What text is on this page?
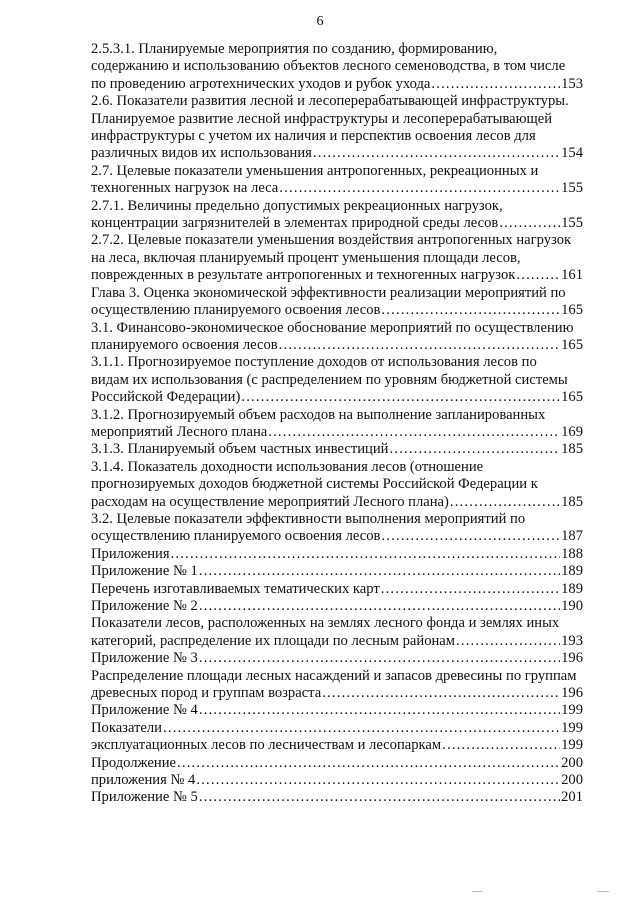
6
2.5.3.1. Планируемые мероприятия по созданию, формированию,
содержанию и использованию объектов лесного семеноводства, в том числе
по проведению агротехнических уходов и рубок ухода .....	153
2.6. Показатели развития лесной и лесоперерабатывающей инфраструктуры.
Планируемое развитие лесной инфраструктуры и лесоперерабатывающей
инфраструктуры с учетом их наличия и перспектив освоения лесов для
различных видов их использования .....	154
2.7. Целевые показатели уменьшения антропогенных, рекреационных и
техногенных нагрузок на леса .....	155
2.7.1. Величины предельно допустимых рекреационных нагрузок,
концентрации загрязнителей в элементах природной среды лесов .....	155
2.7.2. Целевые показатели уменьшения воздействия антропогенных нагрузок
на леса, включая планируемый процент уменьшения площади лесов,
поврежденных в результате антропогенных и техногенных нагрузок .....	161
Глава 3. Оценка экономической эффективности реализации мероприятий по
осуществлению планируемого освоения лесов .....	165
3.1. Финансово-экономическое обоснование мероприятий по осуществлению
планируемого освоения лесов .....	165
3.1.1. Прогнозируемое поступление доходов от использования лесов по
видам их использования (с распределением по уровням бюджетной системы
Российской Федерации) .....	165
3.1.2. Прогнозируемый объем расходов на выполнение запланированных
мероприятий Лесного плана .....	169
3.1.3. Планируемый объем частных инвестиций .....	185
3.1.4. Показатель доходности использования лесов (отношение
прогнозируемых доходов бюджетной системы Российской Федерации к
расходам на осуществление мероприятий Лесного плана) .....	185
3.2. Целевые показатели эффективности выполнения мероприятий по
осуществлению планируемого освоения лесов .....	187
Приложения .....	188
Приложение № 1 .....	189
Перечень изготавливаемых тематических карт .....	189
Приложение № 2 .....	190
Показатели лесов, расположенных на землях лесного фонда и землях иных
категорий, распределение их площади по лесным районам .....	193
Приложение № 3 .....	196
Распределение площади лесных насаждений и запасов древесины по группам
древесных пород и группам возраста .....	196
Приложение № 4 .....	199
Показатели .....	199
эксплуатационных лесов по лесничествам и лесопаркам .....	199
Продолжение .....	200
приложения № 4 .....	200
Приложение № 5 .....	201
